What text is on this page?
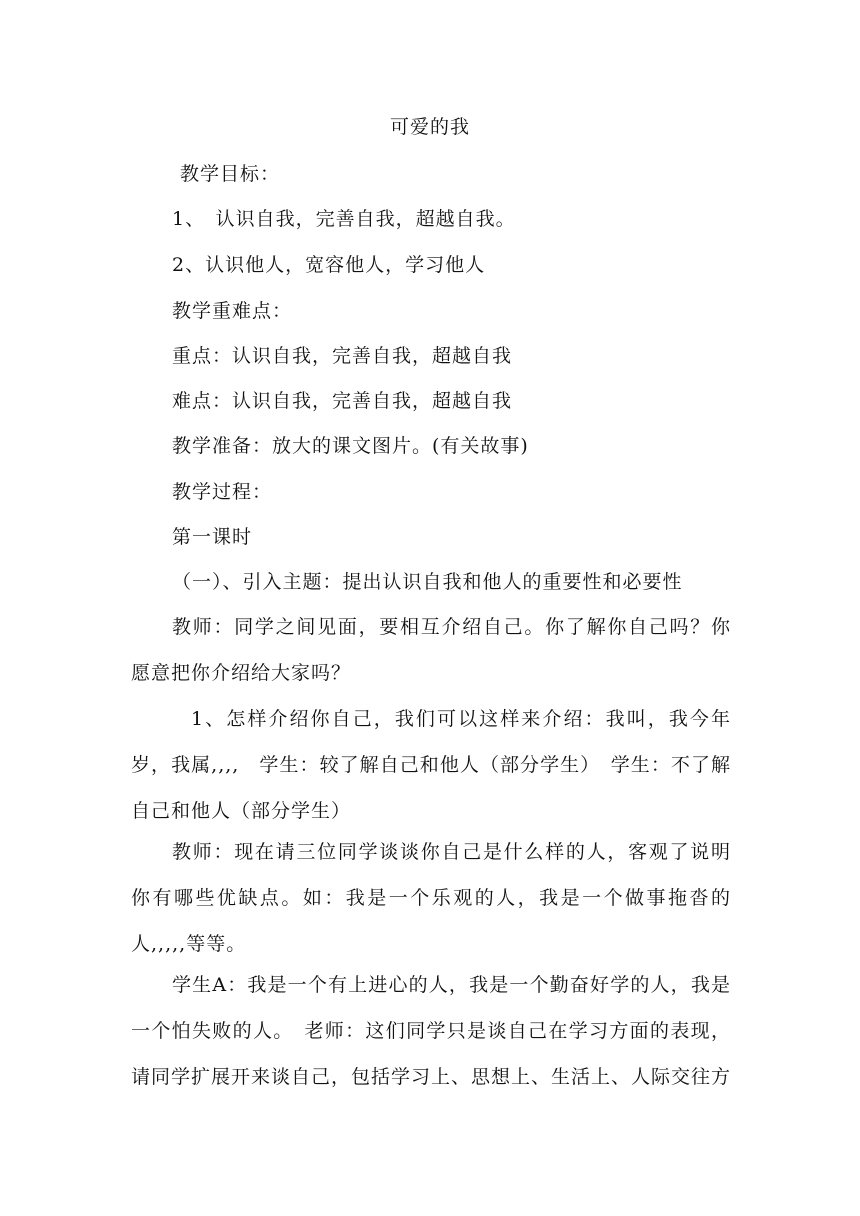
可爱的我
教学目标：
1、　认识自我，完善自我，超越自我。
2、认识他人，宽容他人，学习他人
教学重难点：
重点：认识自我，完善自我，超越自我
难点：认识自我，完善自我，超越自我
教学准备：放大的课文图片。(有关故事)
教学过程：
第一课时
（一）、引入主题：提出认识自我和他人的重要性和必要性
教师：同学之间见面，要相互介绍自己。你了解你自己吗？你愿意把你介绍给大家吗？
1、怎样介绍你自己，我们可以这样来介绍：我叫，我今年岁，我属,,,,　学生：较了解自己和他人（部分学生）　学生：不了解自己和他人（部分学生）
教师：现在请三位同学谈谈你自己是什么样的人，客观了说明你有哪些优缺点。如：我是一个乐观的人，我是一个做事拖沓的人,,,,,等等。
学生A：我是一个有上进心的人，我是一个勤奋好学的人，我是一个怕失败的人。　老师：这们同学只是谈自己在学习方面的表现，请同学扩展开来谈自己，包括学习上、思想上、生活上、人际交往方
